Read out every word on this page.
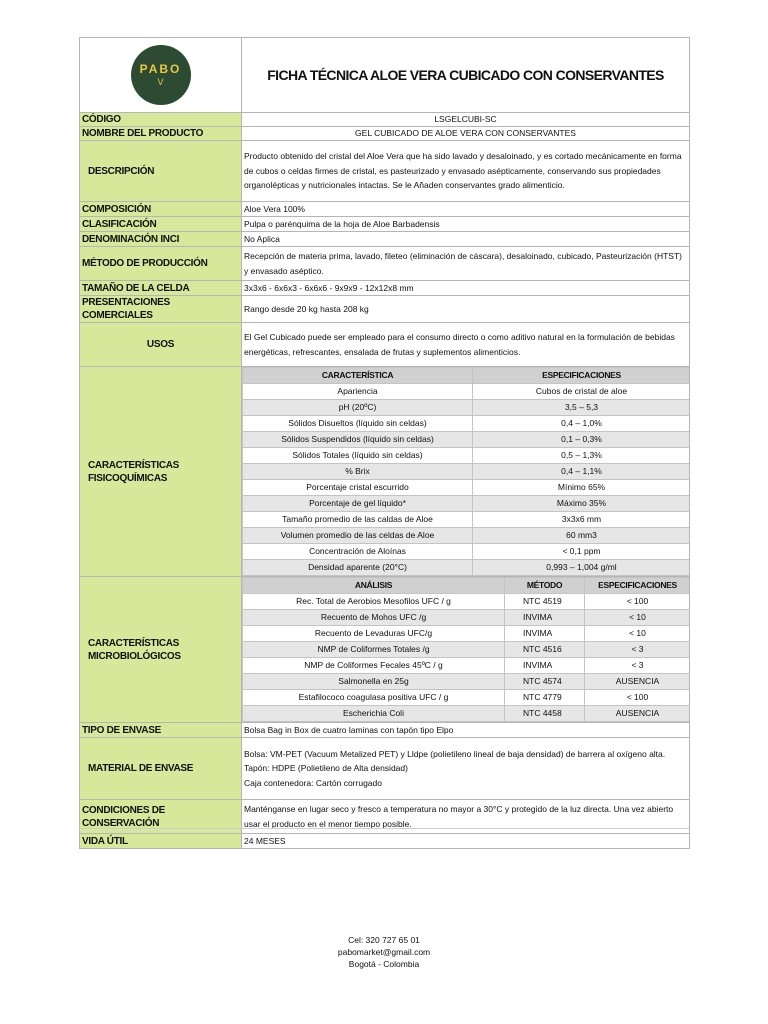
PABO
V	FICHA TÉCNICA ALOE VERA CUBICADO CON CONSERVANTES
CÓDIGO	LSGELCUBI-SC
NOMBRE DEL PRODUCTO	GEL CUBICADO DE ALOE VERA CON CONSERVANTES
DESCRIPCIÓN	Producto obtenido del cristal del Aloe Vera que ha sido lavado y desaloinado, y es cortado mecánicamente en forma de cubos o celdas firmes de cristal, es pasteurizado y envasado asépticamente, conservando sus propiedades organolépticas y nutricionales intactas. Se le Añaden conservantes grado alimenticio.
COMPOSICIÓN	Aloe Vera 100%
CLASIFICACIÓN	Pulpa o parénquima de la hoja de Aloe Barbadensis
DENOMINACIÓN INCI	No Aplica
MÉTODO DE PRODUCCIÓN	Recepción de materia prima, lavado, fileteo (eliminación de cáscara), desaloinado, cubicado, Pasteurización (HTST) y envasado aséptico.
TAMAÑO DE LA CELDA	3x3x6 - 6x6x3 - 6x6x6 - 9x9x9 - 12x12x8 mm
PRESENTACIONES COMERCIALES	Rango desde 20 kg hasta 208 kg
USOS	El Gel Cubicado puede ser empleado para el consumo directo o como aditivo natural en la formulación de bebidas energéticas, refrescantes, ensalada de frutas y suplementos alimenticios.
CARACTERÍSTICAS FISICOQUÍMICAS	
CARACTERÍSTICA	ESPECIFICACIONES
Apariencia	Cubos de cristal de aloe
pH (20ºC)	3,5 – 5,3
Sólidos Disueltos (líquido sin celdas)	0,4 – 1,0%
Sólidos Suspendidos (líquido sin celdas)	0,1 – 0,3%
Sólidos Totales (líquido sin celdas)	0,5 – 1,3%
% Brix	0,4 – 1,1%
Porcentaje cristal escurrido	Mínimo 65%
Porcentaje de gel líquido*	Máximo 35%
Tamaño promedio de las caldas de Aloe	3x3x6 mm
Volumen promedio de las celdas de Aloe	60 mm3
Concentración de Aloínas	< 0,1 ppm
Densidad aparente (20°C)	0,993 – 1,004 g/ml

CARACTERÍSTICAS MICROBIOLÓGICOS	
ANÁLISIS	MÉTODO	ESPECIFICACIONES
Rec. Total de Aerobios Mesofilos UFC / g	NTC 4519	< 100
Recuento de Mohos UFC /g	INVIMA	< 10
Recuento de Levaduras UFC/g	INVIMA	< 10
NMP de Coliformes Totales /g	NTC 4516	< 3
NMP de Coliformes Fecales 45ºC / g	INVIMA	< 3
Salmonella en 25g	NTC 4574	AUSENCIA
Estafilococo coagulasa positiva UFC / g	NTC 4779	< 100
Escherichia Coli	NTC 4458	AUSENCIA

TIPO DE ENVASE	Bolsa Bag in Box de cuatro laminas con tapón tipo Elpo
MATERIAL DE ENVASE	
Bolsa: VM-PET (Vacuum Metalized PET) y Lldpe (polietileno lineal de baja densidad) de barrera al oxígeno alta.
Tapón: HDPE (Polietileno de Alta densidad)
Caja contenedora: Cartón corrugado

CONDICIONES DE CONSERVACIÓN	Manténganse en lugar seco y fresco a temperatura no mayor a 30°C y protegido de la luz directa. Una vez abierto usar el producto en el menor tiempo posible.
VIDA ÚTIL	24 MESES
Cel: 320 727 65 01
pabomarket@gmail.com
Bogotá - Colombia
